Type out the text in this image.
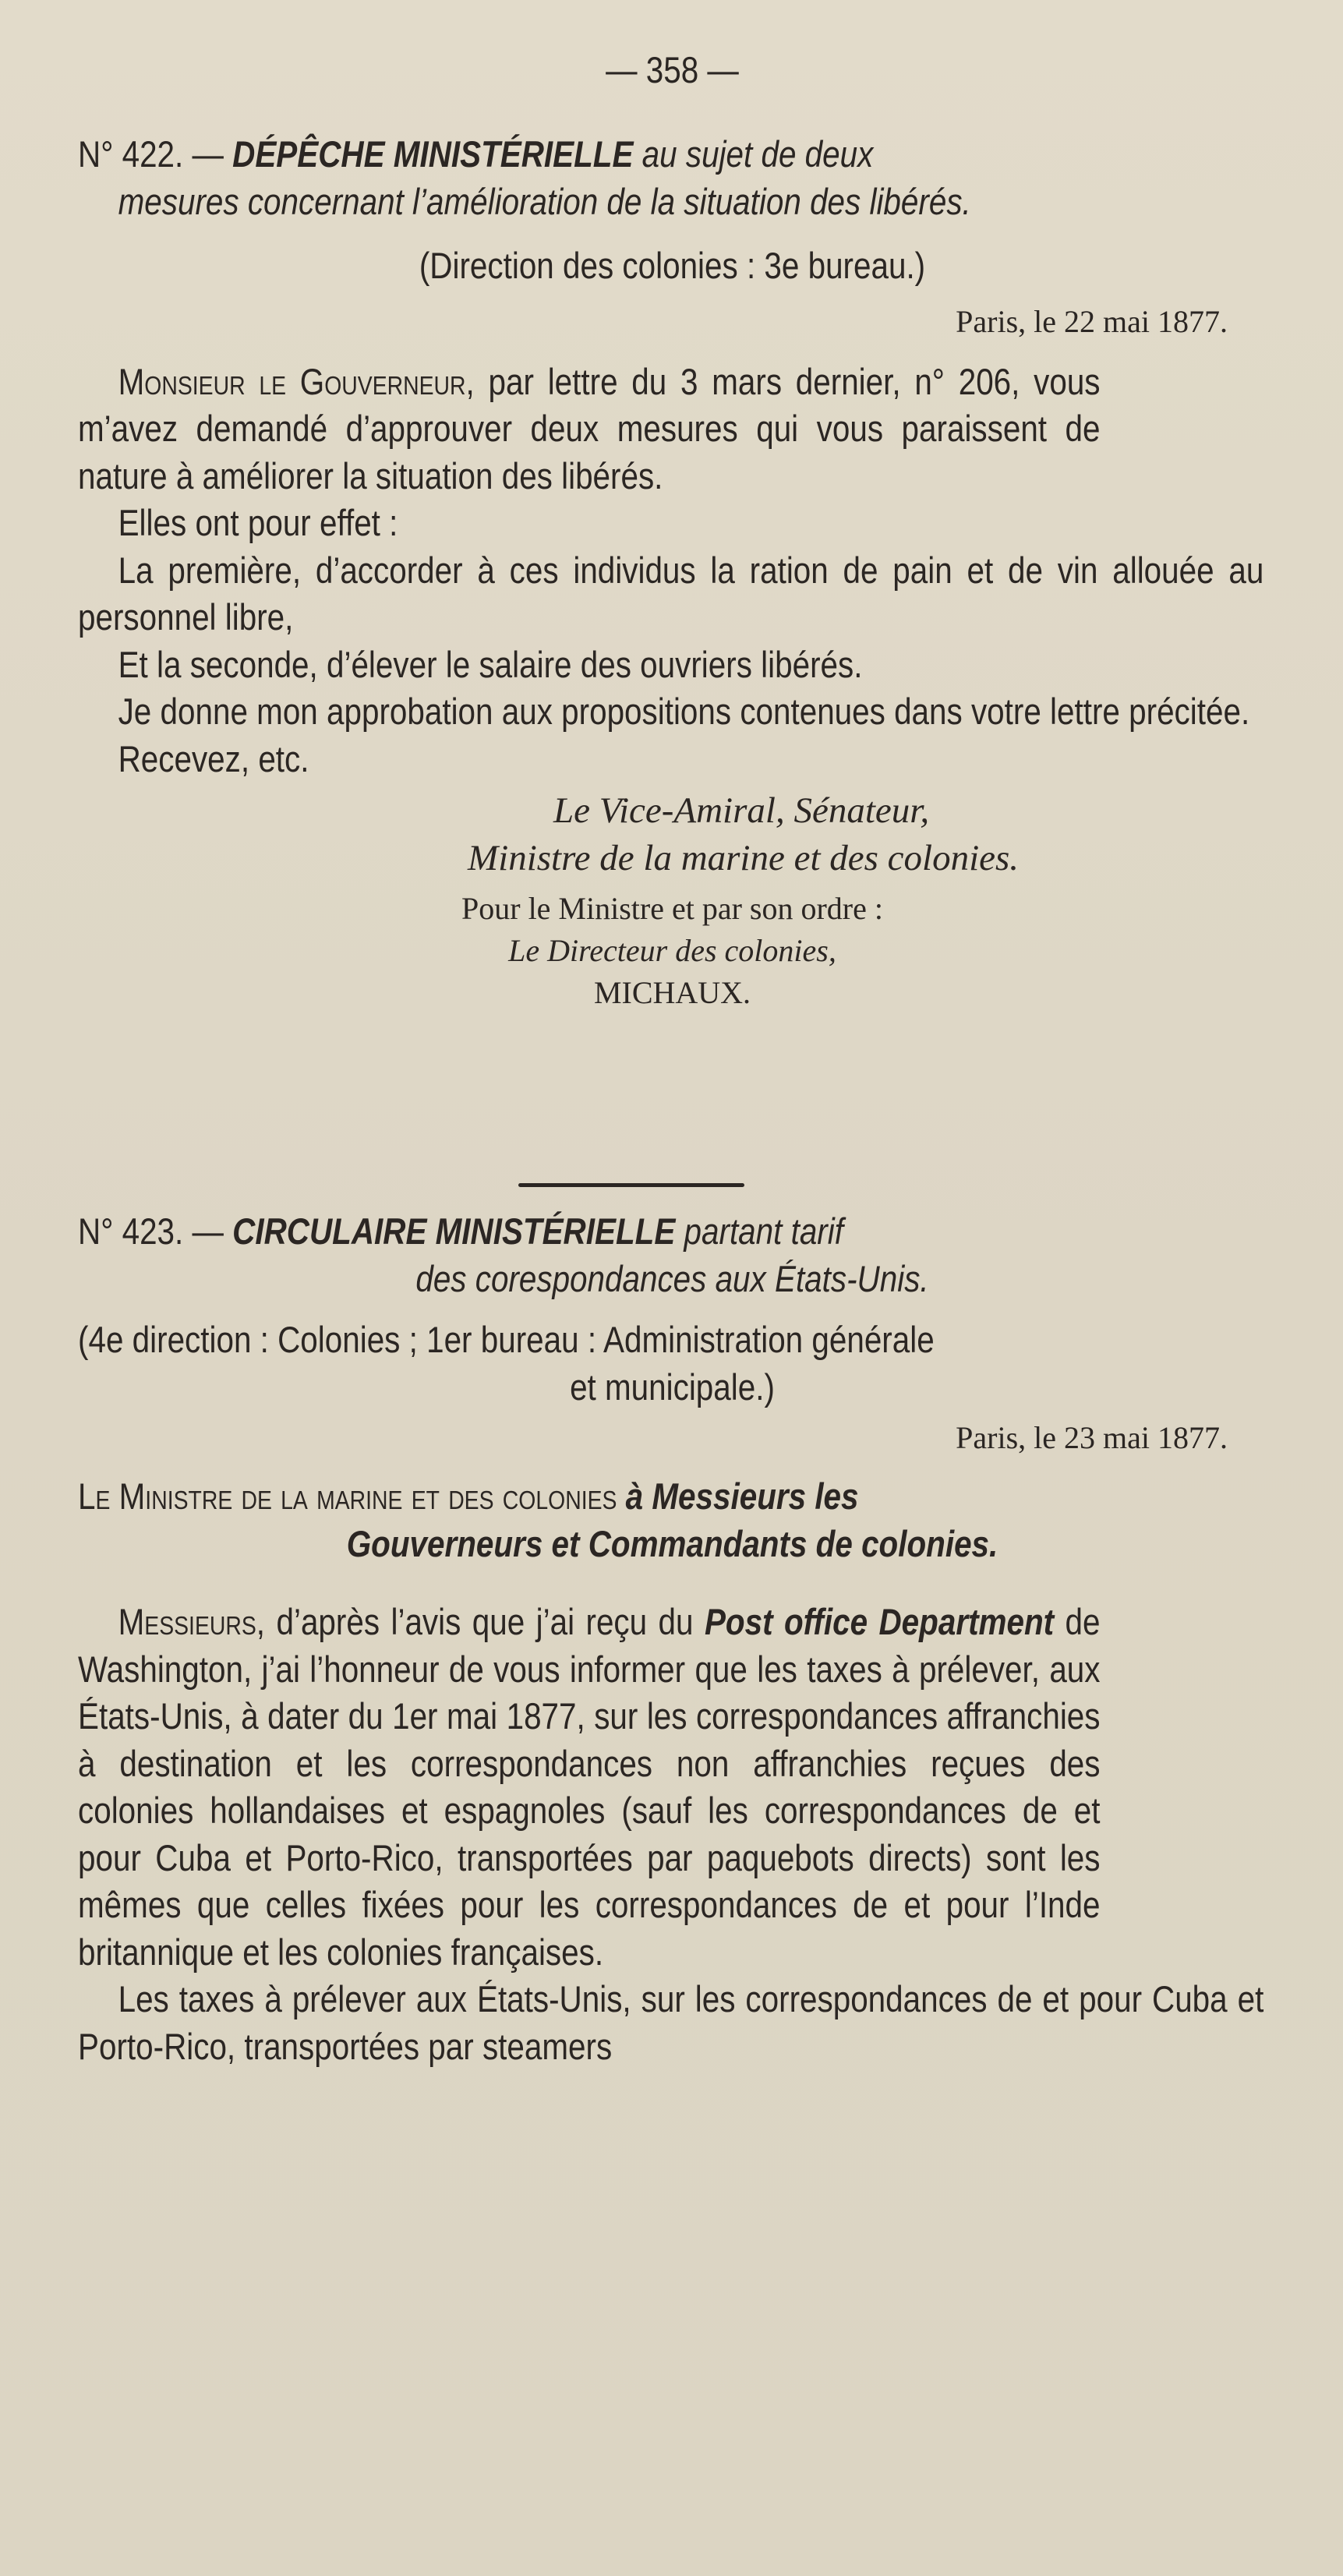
— 358 —
N° 422. — DÉPÊCHE MINISTÉRIELLE au sujet de deux
mesures concernant l’amélioration de la situation des libérés.
(Direction des colonies : 3e bureau.)
Paris, le 22 mai 1877.
Monsieur le Gouverneur, par lettre du 3 mars dernier, n° 206, vous m’avez demandé d’approuver deux mesures qui vous paraissent de nature à améliorer la situation des libérés.
Elles ont pour effet :
La première, d’accorder à ces individus la ration de pain et de vin allouée au personnel libre,
Et la seconde, d’élever le salaire des ouvriers libérés.
Je donne mon approbation aux propositions contenues dans votre lettre précitée.
Recevez, etc.
Le Vice-Amiral, Sénateur,
Ministre de la marine et des colonies.
Pour le Ministre et par son ordre :
Le Directeur des colonies,
MICHAUX.
N° 423. — CIRCULAIRE MINISTÉRIELLE partant tarif
des corespondances aux États-Unis.
(4e direction : Colonies ; 1er bureau : Administration générale
et municipale.)
Paris, le 23 mai 1877.
Le Ministre de la marine et des colonies à Messieurs les
Gouverneurs et Commandants de colonies.
Messieurs, d’après l’avis que j’ai reçu du Post office Department de Washington, j’ai l’honneur de vous informer que les taxes à prélever, aux États-Unis, à dater du 1er mai 1877, sur les correspondances affranchies à destination et les correspondances non affranchies reçues des colonies hollandaises et espagnoles (sauf les correspondances de et pour Cuba et Porto-Rico, transportées par paquebots directs) sont les mêmes que celles fixées pour les correspondances de et pour l’Inde britannique et les colonies françaises.
Les taxes à prélever aux États-Unis, sur les correspondances de et pour Cuba et Porto-Rico, transportées par steamers
